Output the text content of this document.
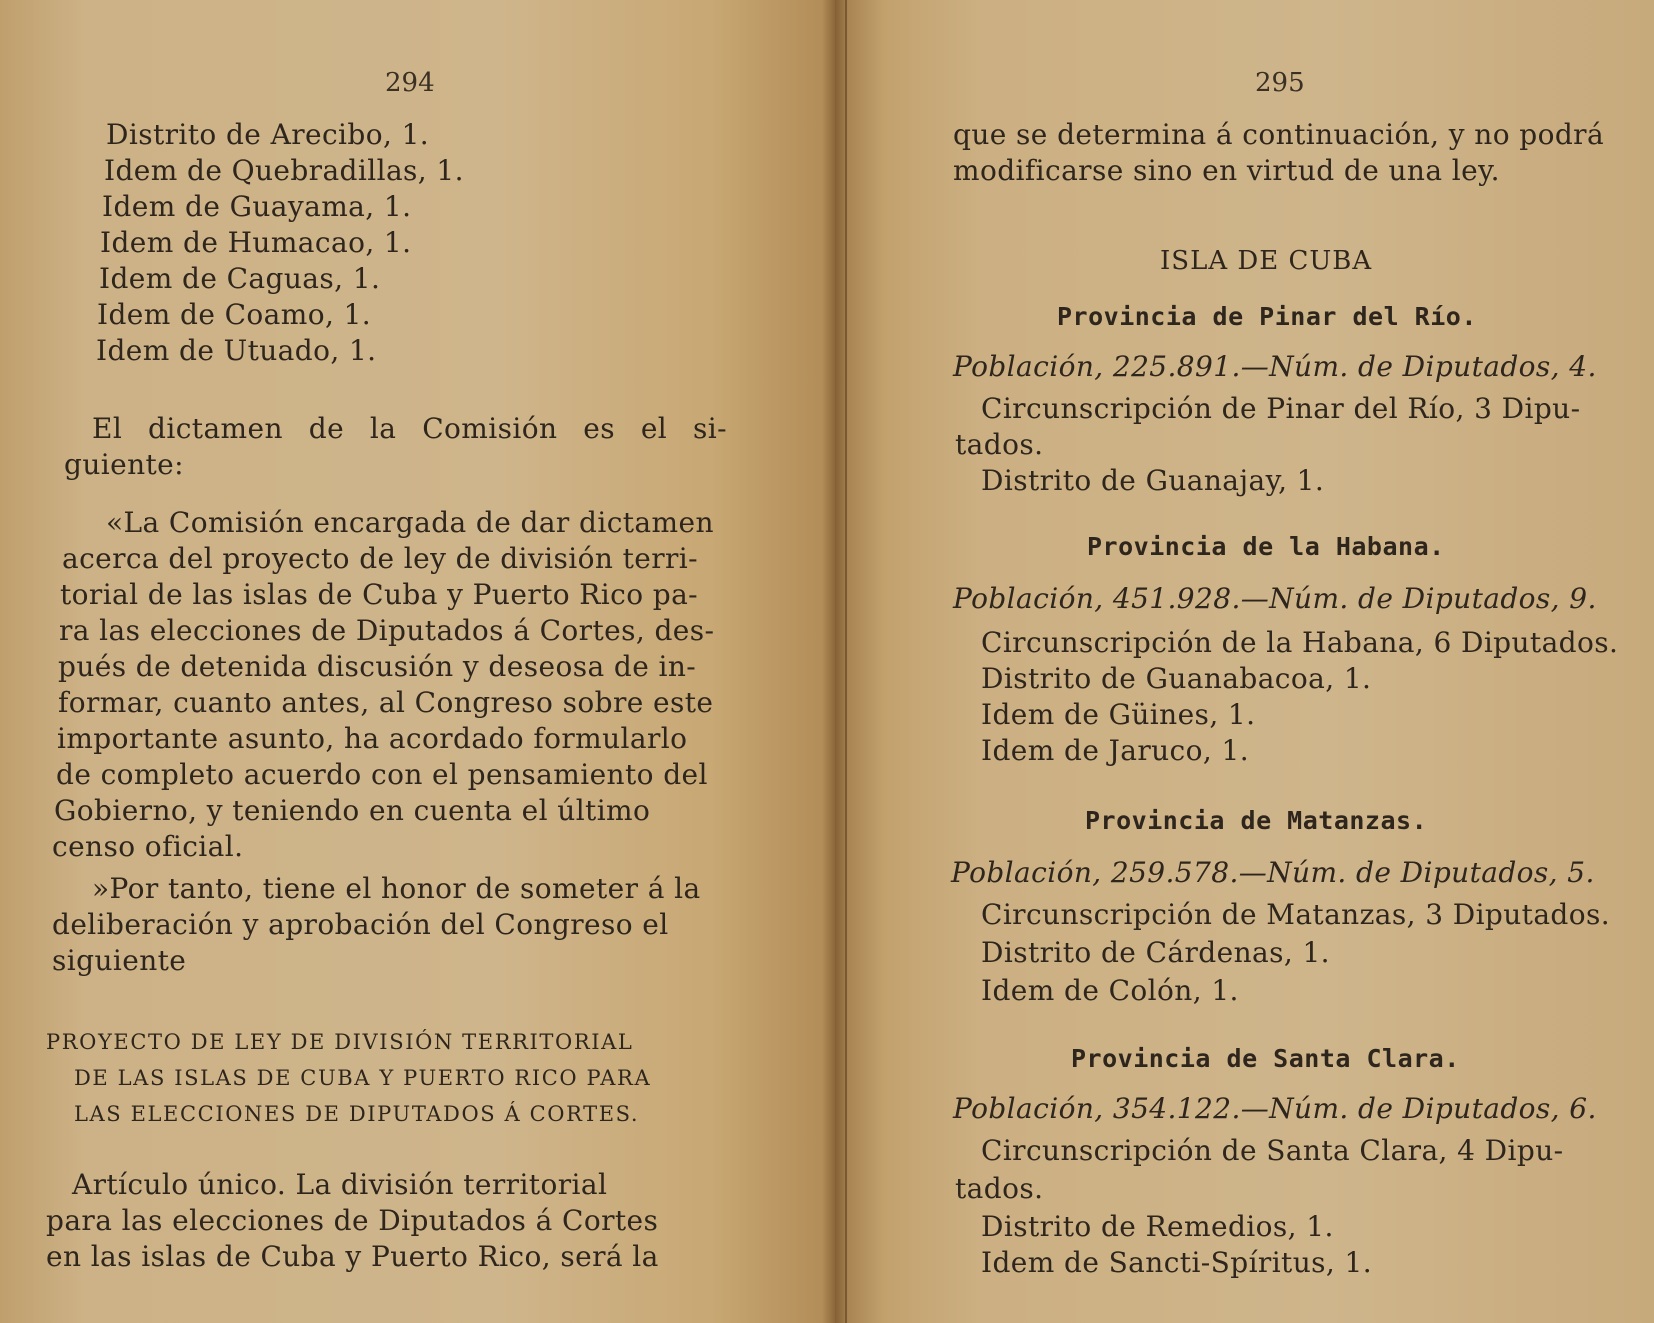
294
Distrito de Arecibo, 1.
Idem de Quebradillas, 1.
Idem de Guayama, 1.
Idem de Humacao, 1.
Idem de Caguas, 1.
Idem de Coamo, 1.
Idem de Utuado, 1.
El dictamen de la Comisión es el si-
guiente:
«La Comisión encargada de dar dictamen
acerca del proyecto de ley de división terri-
torial de las islas de Cuba y Puerto Rico pa-
ra las elecciones de Diputados á Cortes, des-
pués de detenida discusión y deseosa de in-
formar, cuanto antes, al Congreso sobre este
importante asunto, ha acordado formularlo
de completo acuerdo con el pensamiento del
Gobierno, y teniendo en cuenta el último
censo oficial.
»Por tanto, tiene el honor de someter á la
deliberación y aprobación del Congreso el
siguiente
PROYECTO DE LEY DE DIVISIÓN TERRITORIAL
DE LAS ISLAS DE CUBA Y PUERTO RICO PARA
LAS ELECCIONES DE DIPUTADOS Á CORTES.
Artículo único. La división territorial
para las elecciones de Diputados á Cortes
en las islas de Cuba y Puerto Rico, será la
295
que se determina á continuación, y no podrá
modificarse sino en virtud de una ley.
ISLA DE CUBA
Provincia de Pinar del Río.
Población, 225.891.—Núm. de Diputados, 4.
Circunscripción de Pinar del Río, 3 Dipu-
tados.
Distrito de Guanajay, 1.
Provincia de la Habana.
Población, 451.928.—Núm. de Diputados, 9.
Circunscripción de la Habana, 6 Diputados.
Distrito de Guanabacoa, 1.
Idem de Güines, 1.
Idem de Jaruco, 1.
Provincia de Matanzas.
Población, 259.578.—Núm. de Diputados, 5.
Circunscripción de Matanzas, 3 Diputados.
Distrito de Cárdenas, 1.
Idem de Colón, 1.
Provincia de Santa Clara.
Población, 354.122.—Núm. de Diputados, 6.
Circunscripción de Santa Clara, 4 Dipu-
tados.
Distrito de Remedios, 1.
Idem de Sancti-Spíritus, 1.
